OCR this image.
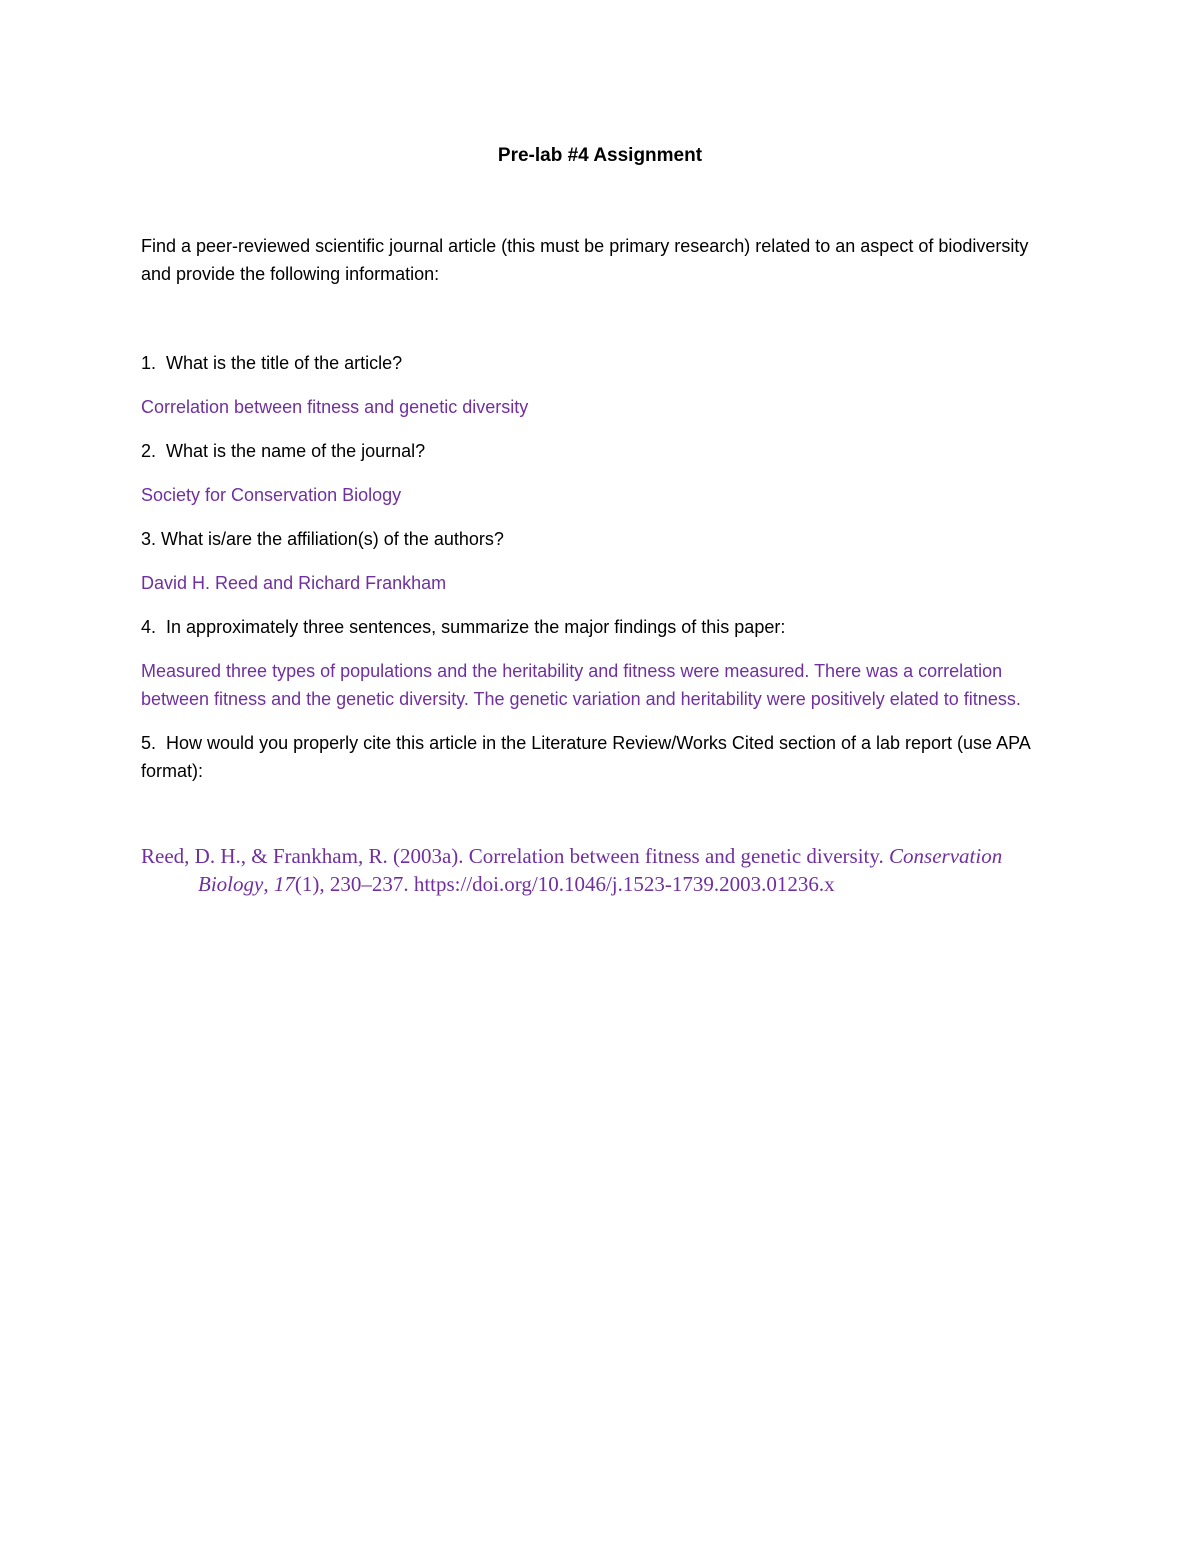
Pre-lab #4 Assignment

Find a peer-reviewed scientific journal article (this must be primary research) related to an aspect of biodiversity and provide the following information:

1. What is the title of the article?

Correlation between fitness and genetic diversity

2. What is the name of the journal?

Society for Conservation Biology

3. What is/are the affiliation(s) of the authors?

David H. Reed and Richard Frankham

4. In approximately three sentences, summarize the major findings of this paper:

Measured three types of populations and the heritability and fitness were measured. There was a correlation between fitness and the genetic diversity. The genetic variation and heritability were positively elated to fitness.

5. How would you properly cite this article in the Literature Review/Works Cited section of a lab report (use APA format):

Reed, D. H., & Frankham, R. (2003a). Correlation between fitness and genetic diversity. Conservation Biology, 17(1), 230–237. https://doi.org/10.1046/j.1523-1739.2003.01236.x
